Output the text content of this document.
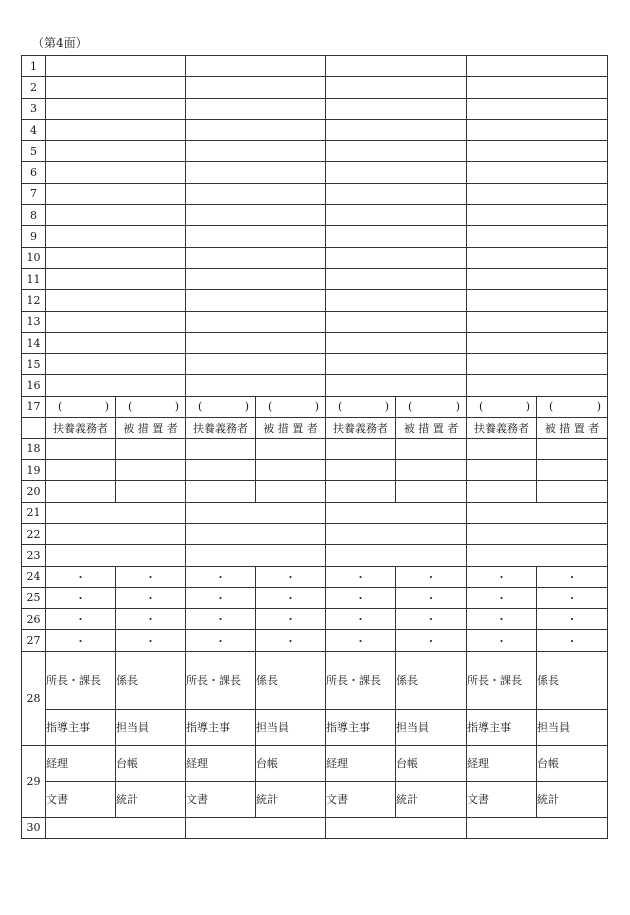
（第4面）
1								
2								
3								
4								
5								
6								
7								
8								
9								
10								
11								
12								
13								
14								
15								
16								
17	( )	( )	( )	( )	( )	( )	( )	( )

	扶養義務者	被 措 置 者	扶養義務者	被 措 置 者	扶養義務者	被 措 置 者	扶養義務者	被 措 置 者
18								
19								
20								
21								
22								
23								
24	・	・	・	・	・	・	・	・
25	・	・	・	・	・	・	・	・
26	・	・	・	・	・	・	・	・
27	・	・	・	・	・	・	・	・
28	所長・課長	係長	所長・課長	係長	所長・課長	係長	所長・課長	係長
	指導主事	担当員	指導主事	担当員	指導主事	担当員	指導主事	担当員
29	経理	台帳	経理	台帳	経理	台帳	経理	台帳
	文書	統計	文書	統計	文書	統計	文書	統計
30								
